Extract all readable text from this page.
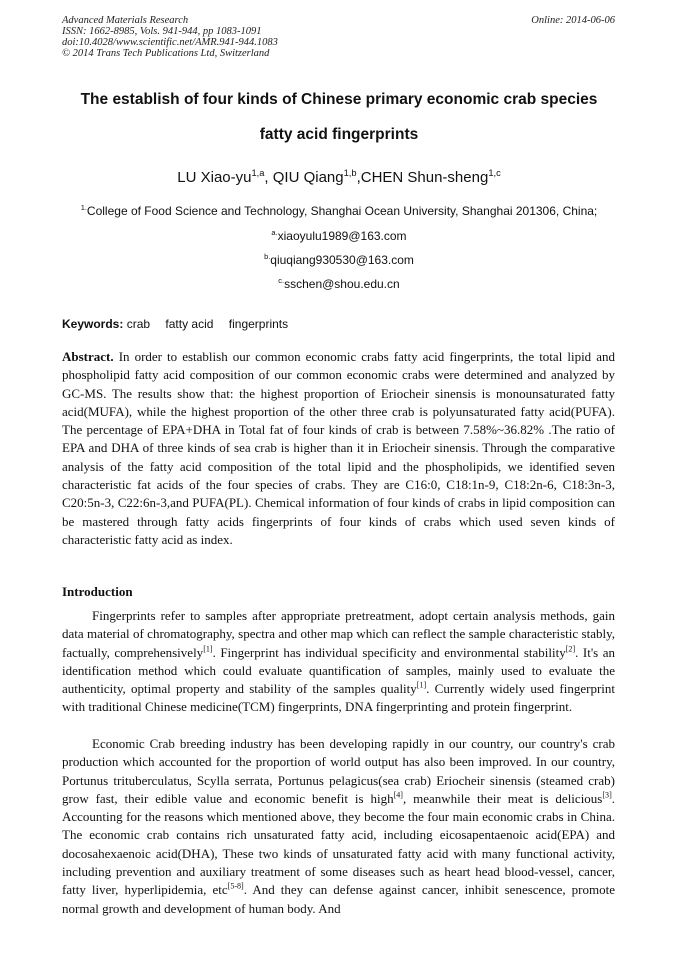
Advanced Materials Research
ISSN: 1662-8985, Vols. 941-944, pp 1083-1091
doi:10.4028/www.scientific.net/AMR.941-944.1083
© 2014 Trans Tech Publications Ltd, Switzerland
Online: 2014-06-06
The establish of four kinds of Chinese primary economic crab species
fatty acid fingerprints
LU Xiao-yu$^{1,a}$, QIU Qiang$^{1,b}$,CHEN Shun-sheng$^{1,c}$
$^{1.}$College of Food Science and Technology, Shanghai Ocean University, Shanghai 201306, China;
$^{a.}$xiaoyulu1989@163.com
$^{b.}$qiuqiang930530@163.com
$^{c.}$sschen@shou.edu.cn
Keywords: crab fatty acid fingerprints

Abstract. In order to establish our common economic crabs fatty acid fingerprints, the total lipid and phospholipid fatty acid composition of our common economic crabs were determined and analyzed by GC-MS. The results show that: the highest proportion of Eriocheir sinensis is monounsaturated fatty acid(MUFA), while the highest proportion of the other three crab is polyunsaturated fatty acid(PUFA). The percentage of EPA+DHA in Total fat of four kinds of crab is between 7.58%~36.82% .The ratio of EPA and DHA of three kinds of sea crab is higher than it in Eriocheir sinensis. Through the comparative analysis of the fatty acid composition of the total lipid and the phospholipids, we identified seven characteristic fat acids of the four species of crabs. They are C16:0, C18:1n-9, C18:2n-6, C18:3n-3, C20:5n-3, C22:6n-3,and PUFA(PL). Chemical information of four kinds of crabs in lipid composition can be mastered through fatty acids fingerprints of four kinds of crabs which used seven kinds of characteristic fatty acid as index.

Introduction

Fingerprints refer to samples after appropriate pretreatment, adopt certain analysis methods, gain data material of chromatography, spectra and other map which can reflect the sample characteristic stably, factually, comprehensively[1]. Fingerprint has individual specificity and environmental stability[2]. It's an identification method which could evaluate quantification of samples, mainly used to evaluate the authenticity, optimal property and stability of the samples quality[1]. Currently widely used fingerprint with traditional Chinese medicine(TCM) fingerprints, DNA fingerprinting and protein fingerprint.

Economic Crab breeding industry has been developing rapidly in our country, our country's crab production which accounted for the proportion of world output has also been improved. In our country, Portunus trituberculatus, Scylla serrata, Portunus pelagicus(sea crab) Eriocheir sinensis (steamed crab) grow fast, their edible value and economic benefit is high[4], meanwhile their meat is delicious[3]. Accounting for the reasons which mentioned above, they become the four main economic crabs in China. The economic crab contains rich unsaturated fatty acid, including eicosapentaenoic acid(EPA) and docosahexaenoic acid(DHA), These two kinds of unsaturated fatty acid with many functional activity, including prevention and auxiliary treatment of some diseases such as heart head blood-vessel, cancer, fatty liver, hyperlipidemia, etc[5-8]. And they can defense against cancer, inhibit senescence, promote normal growth and development of human body. And
